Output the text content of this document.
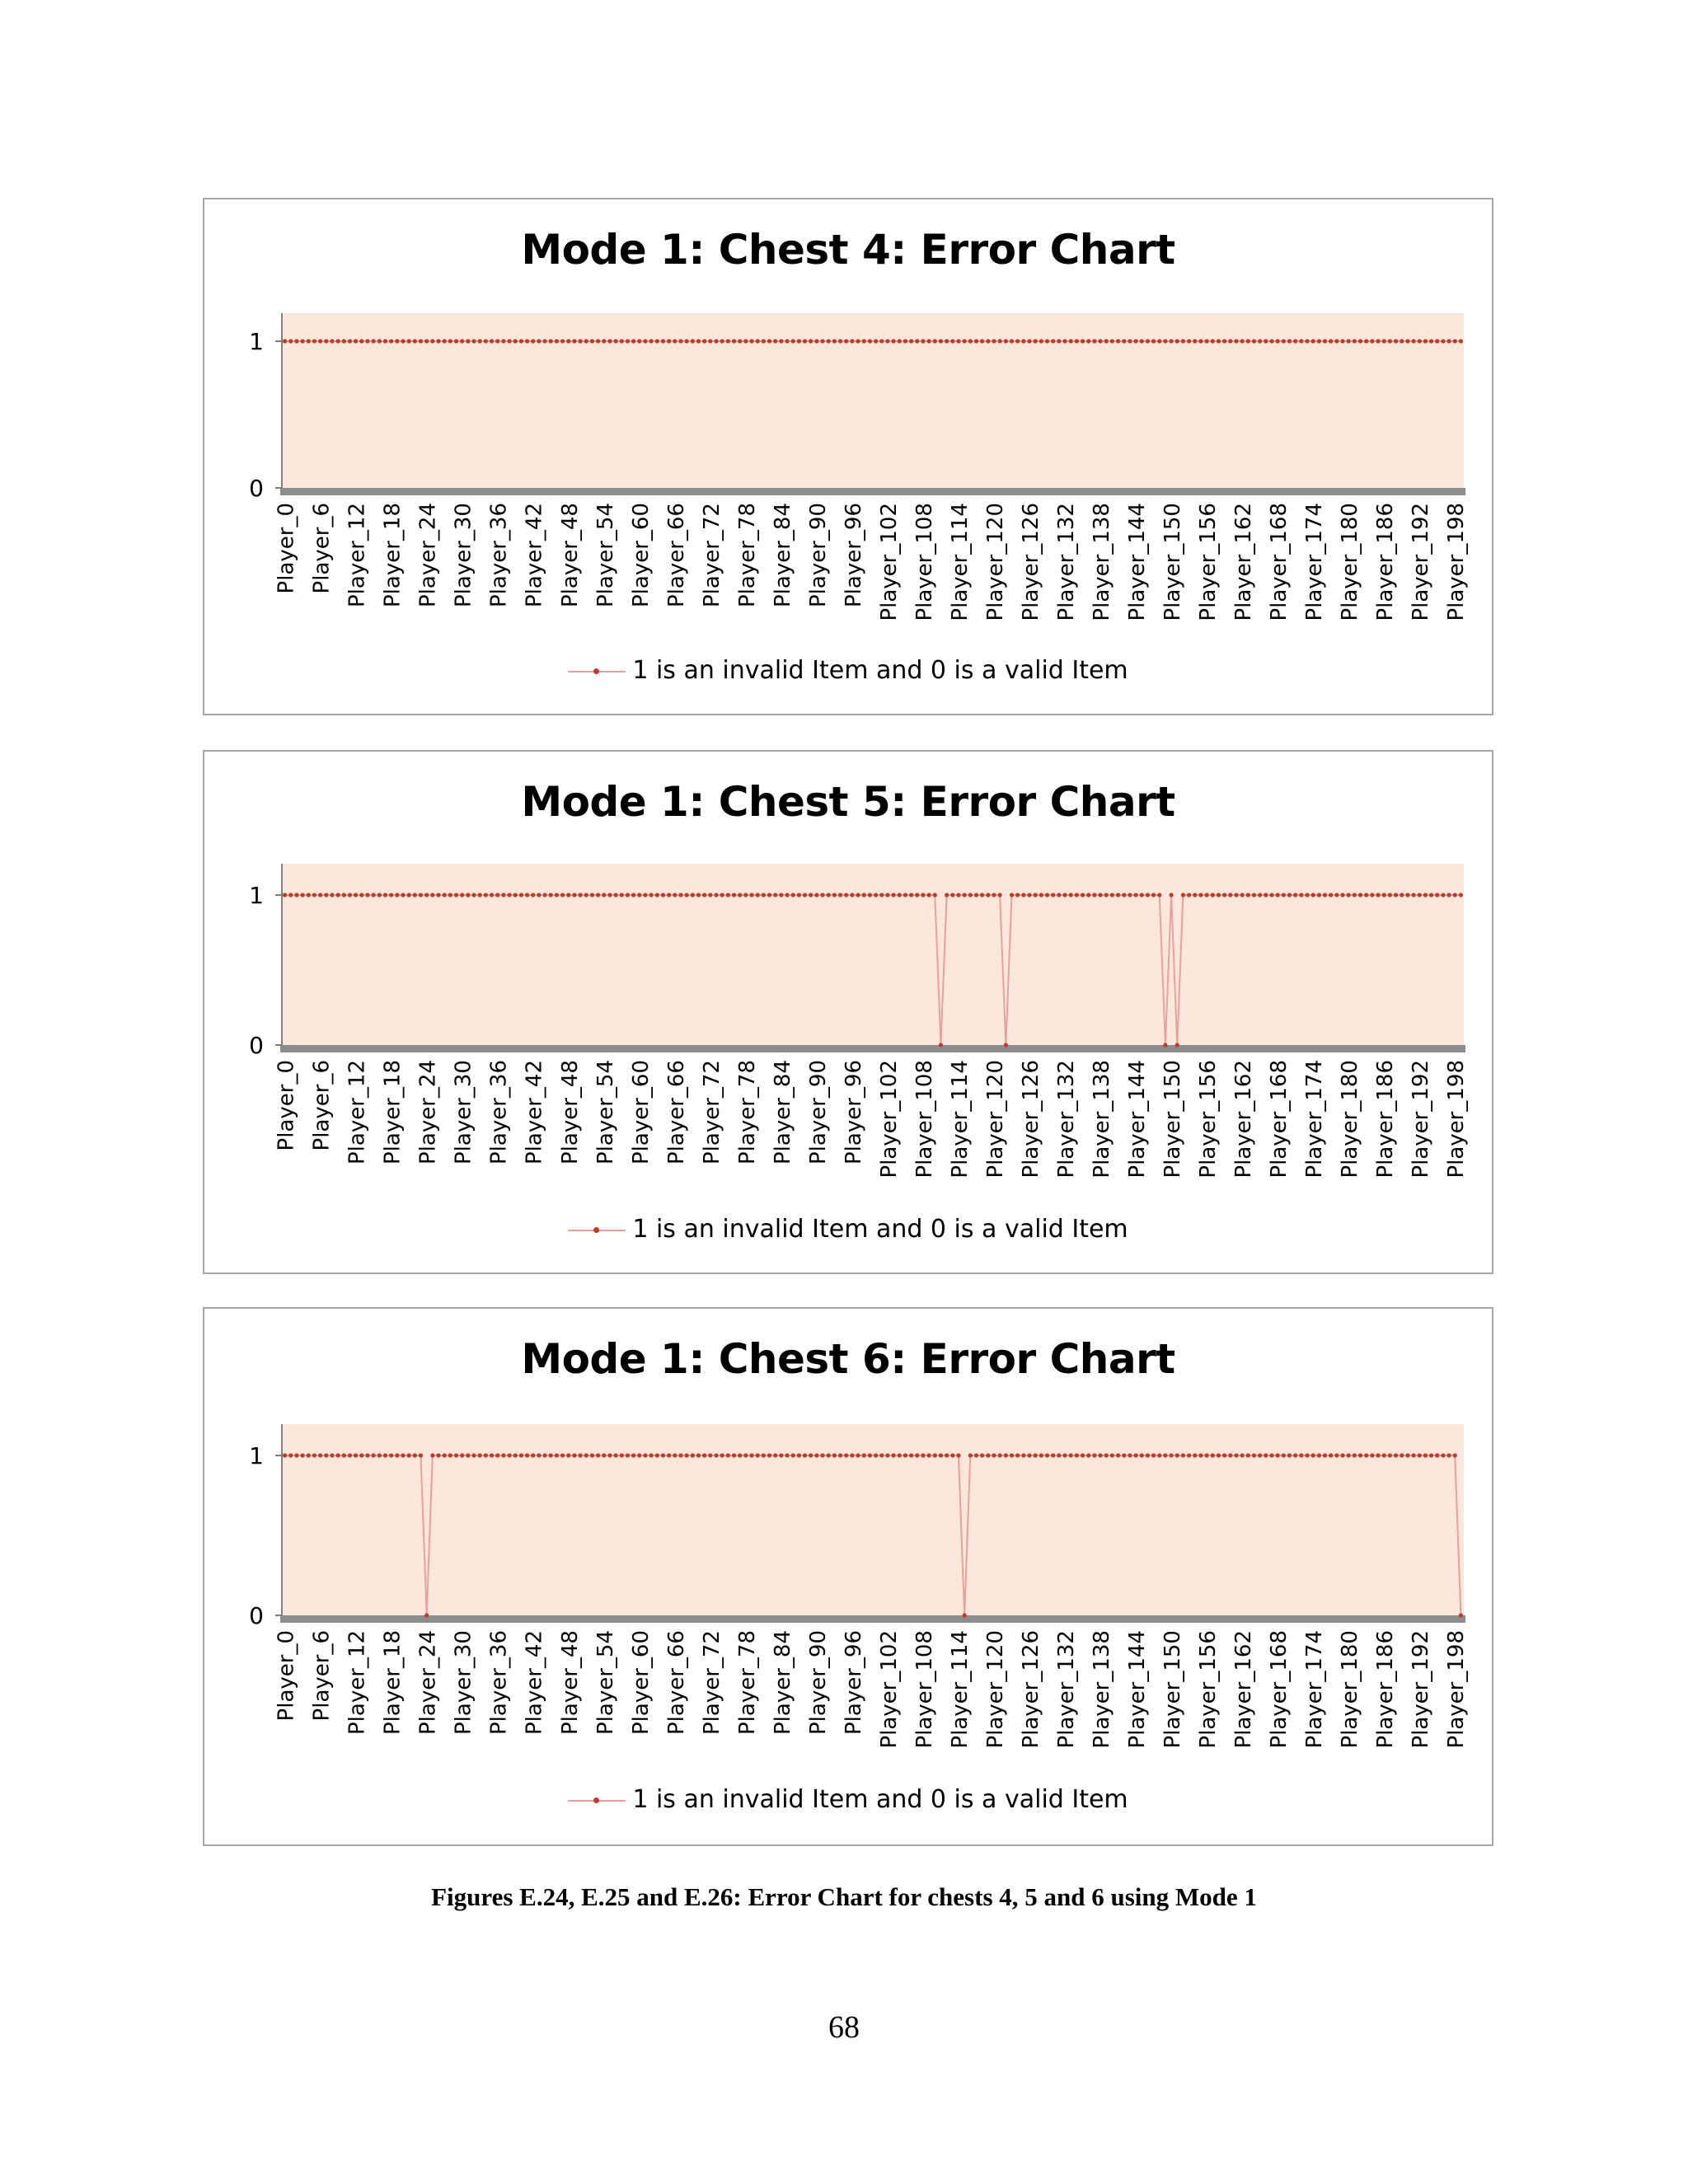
Mode 1: Chest 4: Error Chart
0
1
Player_0 Player_6 Player_12 Player_18 Player_24 Player_30 Player_36 Player_42 Player_48 Player_54 Player_60 Player_66 Player_72 Player_78 Player_84 Player_90 Player_96 Player_102 Player_108 Player_114 Player_120 Player_126 Player_132 Player_138 Player_144 Player_150 Player_156 Player_162 Player_168 Player_174 Player_180 Player_186 Player_192 Player_198
1 is an invalid Item and 0 is a valid Item
Mode 1: Chest 5: Error Chart
0
1
Player_0 Player_6 Player_12 Player_18 Player_24 Player_30 Player_36 Player_42 Player_48 Player_54 Player_60 Player_66 Player_72 Player_78 Player_84 Player_90 Player_96 Player_102 Player_108 Player_114 Player_120 Player_126 Player_132 Player_138 Player_144 Player_150 Player_156 Player_162 Player_168 Player_174 Player_180 Player_186 Player_192 Player_198
1 is an invalid Item and 0 is a valid Item
Mode 1: Chest 6: Error Chart
0
1
Player_0 Player_6 Player_12 Player_18 Player_24 Player_30 Player_36 Player_42 Player_48 Player_54 Player_60 Player_66 Player_72 Player_78 Player_84 Player_90 Player_96 Player_102 Player_108 Player_114 Player_120 Player_126 Player_132 Player_138 Player_144 Player_150 Player_156 Player_162 Player_168 Player_174 Player_180 Player_186 Player_192 Player_198
1 is an invalid Item and 0 is a valid Item
Figures E.24, E.25 and E.26: Error Chart for chests 4, 5 and 6 using Mode 1
68
